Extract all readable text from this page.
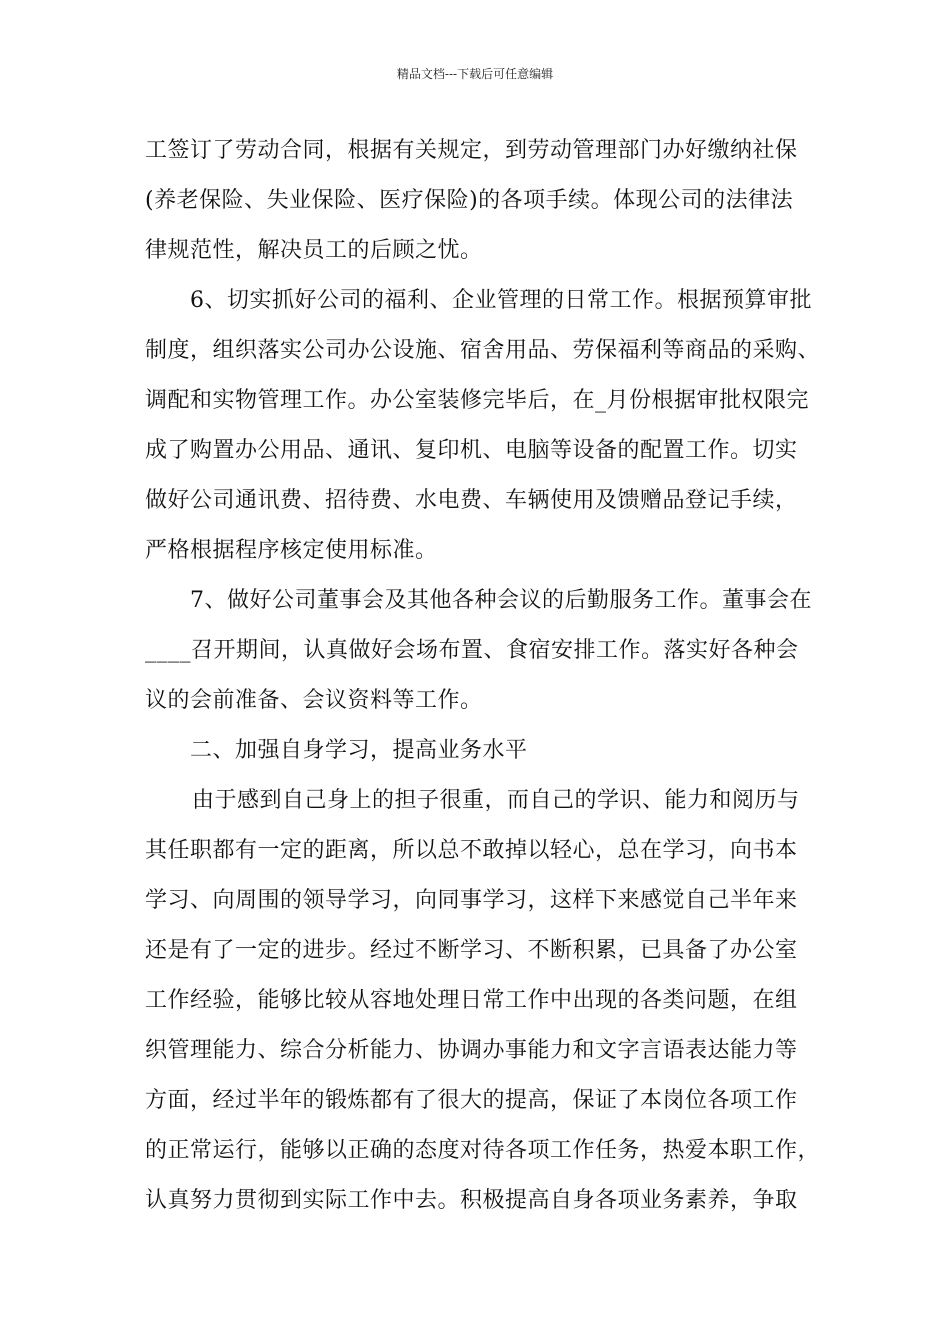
精品文档---下载后可任意编辑
工签订了劳动合同，根据有关规定，到劳动管理部门办好缴纳社保
(养老保险、失业保险、医疗保险)的各项手续。体现公司的法律法
律规范性，解决员工的后顾之忧。
6、切实抓好公司的福利、企业管理的日常工作。根据预算审批
制度，组织落实公司办公设施、宿舍用品、劳保福利等商品的采购、
调配和实物管理工作。办公室装修完毕后，在_月份根据审批权限完
成了购置办公用品、通讯、复印机、电脑等设备的配置工作。切实
做好公司通讯费、招待费、水电费、车辆使用及馈赠品登记手续，
严格根据程序核定使用标准。
7、做好公司董事会及其他各种会议的后勤服务工作。董事会在
____召开期间，认真做好会场布置、食宿安排工作。落实好各种会
议的会前准备、会议资料等工作。
二、加强自身学习，提高业务水平
由于感到自己身上的担子很重，而自己的学识、能力和阅历与
其任职都有一定的距离，所以总不敢掉以轻心，总在学习，向书本
学习、向周围的领导学习，向同事学习，这样下来感觉自己半年来
还是有了一定的进步。经过不断学习、不断积累，已具备了办公室
工作经验，能够比较从容地处理日常工作中出现的各类问题，在组
织管理能力、综合分析能力、协调办事能力和文字言语表达能力等
方面，经过半年的锻炼都有了很大的提高，保证了本岗位各项工作
的正常运行，能够以正确的态度对待各项工作任务，热爱本职工作，
认真努力贯彻到实际工作中去。积极提高自身各项业务素养，争取
